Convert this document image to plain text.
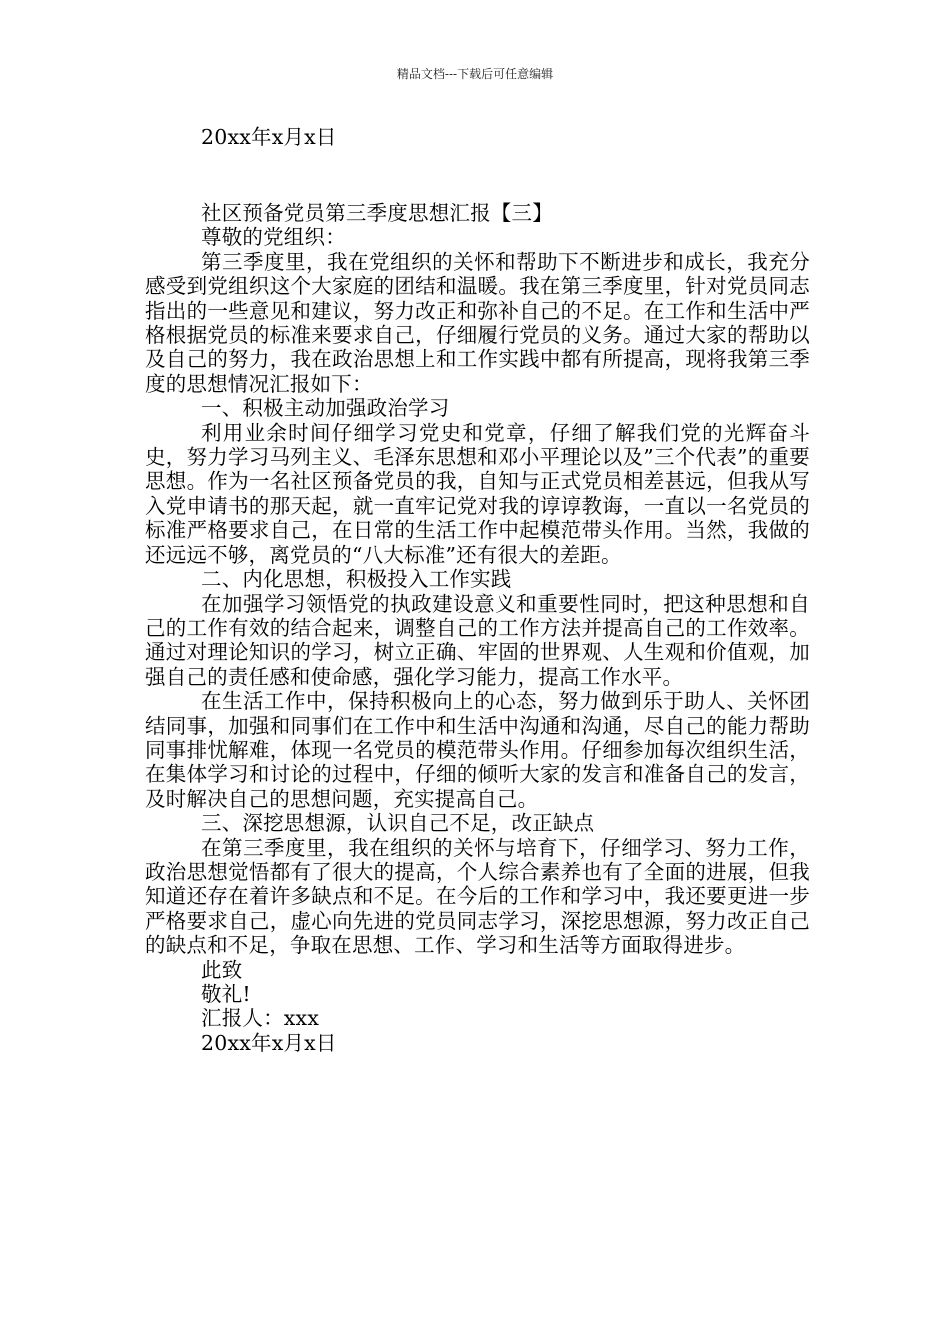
精品文档---下载后可任意编辑
20xx年x月x日
社区预备党员第三季度思想汇报【三】
尊敬的党组织：

第三季度里，我在党组织的关怀和帮助下不断进步和成长，我充分感受到党组织这个大家庭的团结和温暖。我在第三季度里，针对党员同志指出的一些意见和建议，努力改正和弥补自己的不足。在工作和生活中严格根据党员的标准来要求自己，仔细履行党员的义务。通过大家的帮助以及自己的努力，我在政治思想上和工作实践中都有所提高，现将我第三季度的思想情况汇报如下：

一、积极主动加强政治学习

利用业余时间仔细学习党史和党章，仔细了解我们党的光辉奋斗史，努力学习马列主义、毛泽东思想和邓小平理论以及”三个代表”的重要思想。作为一名社区预备党员的我，自知与正式党员相差甚远，但我从写入党申请书的那天起，就一直牢记党对我的谆谆教诲，一直以一名党员的标准严格要求自己，在日常的生活工作中起模范带头作用。当然，我做的还远远不够，离党员的“八大标准”还有很大的差距。

二、内化思想，积极投入工作实践

在加强学习领悟党的执政建设意义和重要性同时，把这种思想和自己的工作有效的结合起来，调整自己的工作方法并提高自己的工作效率。通过对理论知识的学习，树立正确、牢固的世界观、人生观和价值观，加强自己的责任感和使命感，强化学习能力，提高工作水平。

在生活工作中，保持积极向上的心态，努力做到乐于助人、关怀团结同事，加强和同事们在工作中和生活中沟通和沟通，尽自己的能力帮助同事排忧解难，体现一名党员的模范带头作用。仔细参加每次组织生活，在集体学习和讨论的过程中，仔细的倾听大家的发言和准备自己的发言，及时解决自己的思想问题，充实提高自己。

三、深挖思想源，认识自己不足，改正缺点

在第三季度里，我在组织的关怀与培育下，仔细学习、努力工作，政治思想觉悟都有了很大的提高，个人综合素养也有了全面的进展，但我知道还存在着许多缺点和不足。在今后的工作和学习中，我还要更进一步严格要求自己，虚心向先进的党员同志学习，深挖思想源，努力改正自己的缺点和不足，争取在思想、工作、学习和生活等方面取得进步。

此致
敬礼!
汇报人：xxx
20xx年x月x日
